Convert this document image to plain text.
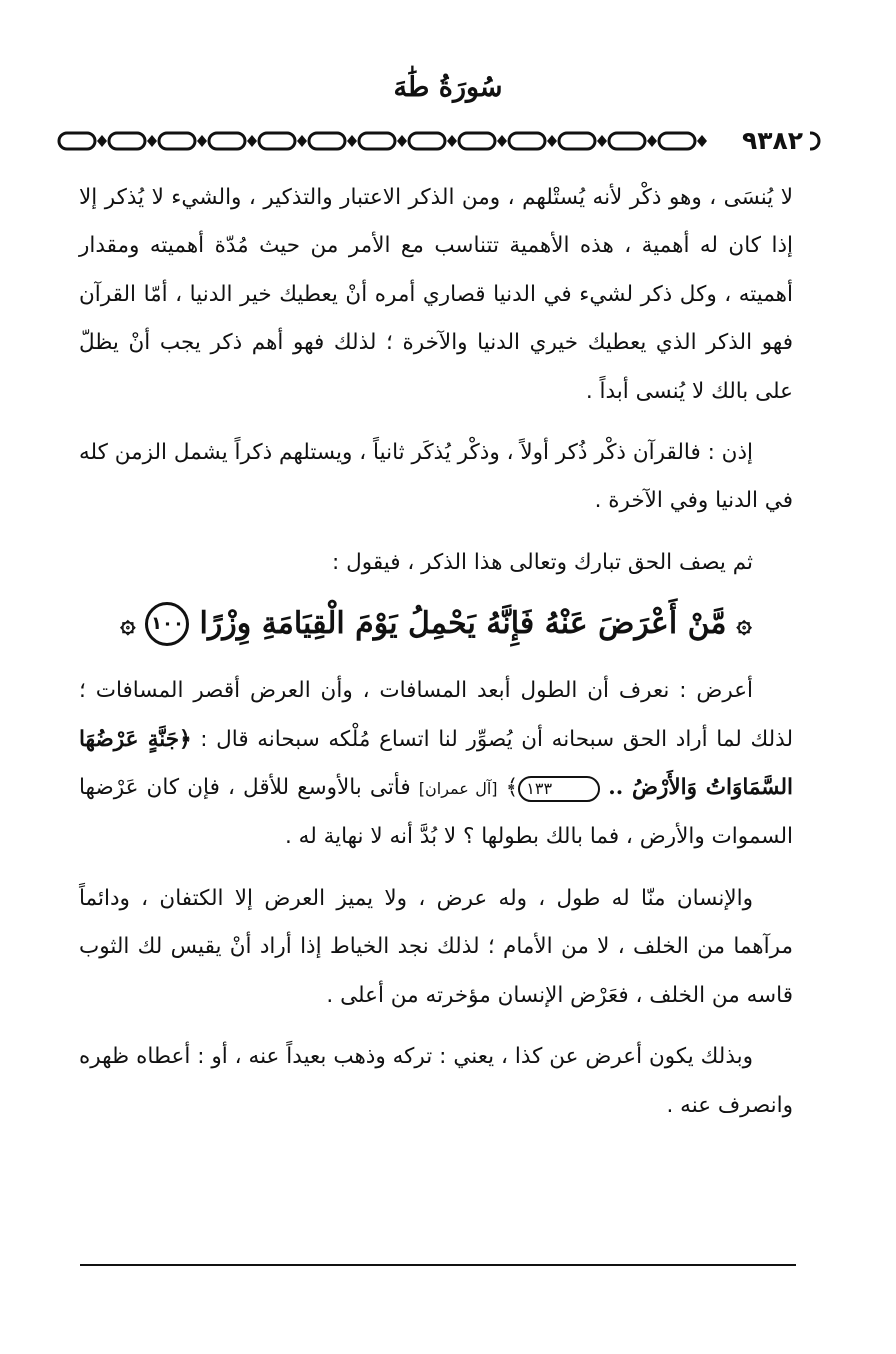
سُورَةُ طَٰهَ
٩٣٨٢

لا يُنسَى ، وهو ذكْر لأنه يُستْلهم ، ومن الذكر الاعتبار والتذكير ، والشيء لا يُذكر إلا إذا كان له أهمية ، هذه الأهمية تتناسب مع الأمر من حيث مُدّة أهميته ومقدار أهميته ، وكل ذكر لشيء في الدنيا قصاري أمره أنْ يعطيك خير الدنيا ، أمّا القرآن فهو الذكر الذي يعطيك خيري الدنيا والآخرة ؛ لذلك فهو أهم ذكر يجب أنْ يظلّ على بالك لا يُنسى أبداً .

إذن : فالقرآن ذكْر ذُكر أولاً ، وذكْر يُذكَر ثانياً ، ويستلهم ذكراً يشمل الزمن كله في الدنيا وفي الآخرة .

ثم يصف الحق تبارك وتعالى هذا الذكر ، فيقول :

۞
مَّنْ أَعْرَضَ عَنْهُ فَإِنَّهُ يَحْمِلُ يَوْمَ الْقِيَامَةِ وِزْرًا
١٠٠
۞

أعرض : نعرف أن الطول أبعد المسافات ، وأن العرض أقصر المسافات ؛ لذلك لما أراد الحق سبحانه أن يُصوِّر لنا اتساع مُلْكه سبحانه قال : ﴿جَنَّةٍ عَرْضُهَا السَّمَاوَاتُ وَالأَرْضُ .. ١٣٣﴾ [آل عمران] فأتى بالأوسع للأقل ، فإن كان عَرْضها السموات والأرض ، فما بالك بطولها ؟ لا بُدَّ أنه لا نهاية له .

والإنسان منّا له طول ، وله عرض ، ولا يميز العرض إلا الكتفان ، ودائماً مرآهما من الخلف ، لا من الأمام ؛ لذلك نجد الخياط إذا أراد أنْ يقيس لك الثوب قاسه من الخلف ، فعَرْض الإنسان مؤخرته من أعلى .

وبذلك يكون أعرض عن كذا ، يعني : تركه وذهب بعيداً عنه ، أو : أعطاه ظهره وانصرف عنه .
